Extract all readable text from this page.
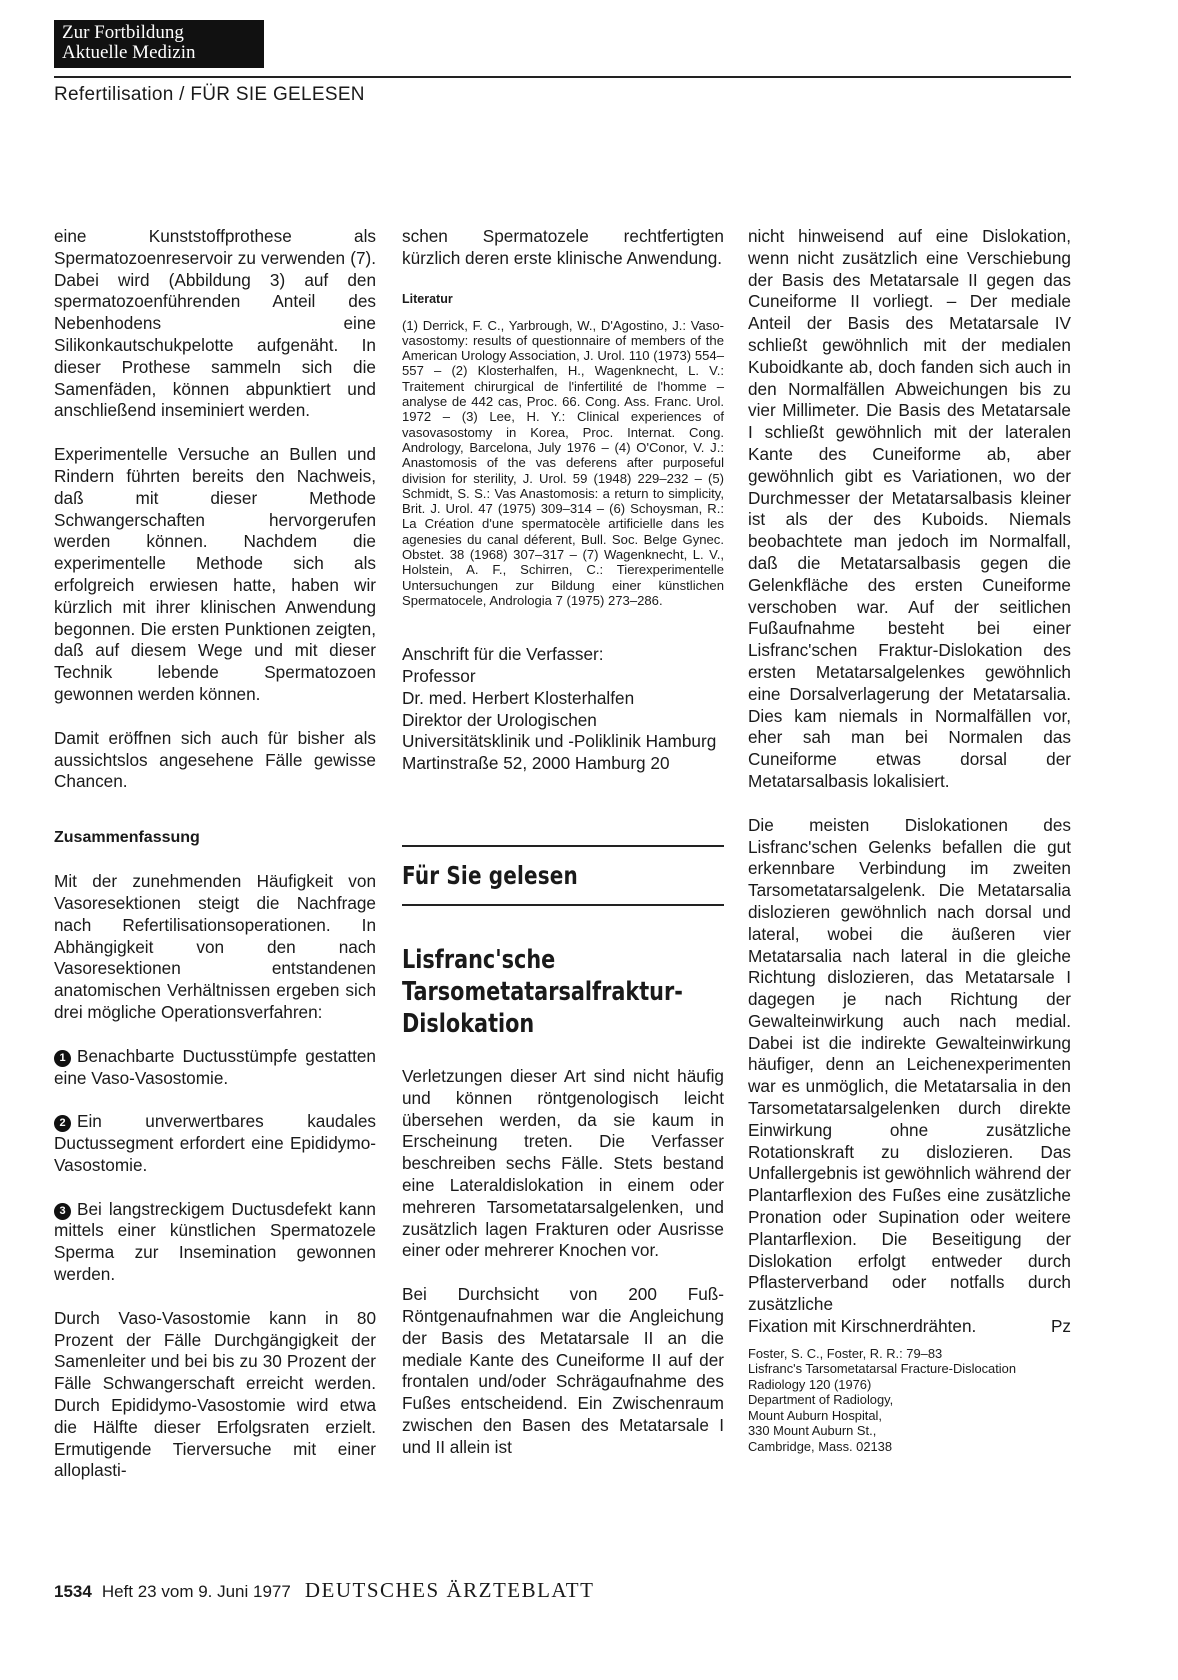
Zur Fortbildung
Aktuelle Medizin
Refertilisation / FÜR SIE GELESEN

eine Kunststoffprothese als Spermatozoenreservoir zu verwenden (7). Dabei wird (Abbildung 3) auf den spermatozoenführenden Anteil des Nebenhodens eine Silikonkautschukpelotte aufgenäht. In dieser Prothese sammeln sich die Samenfäden, können abpunktiert und anschließend inseminiert werden.

Experimentelle Versuche an Bullen und Rindern führten bereits den Nachweis, daß mit dieser Methode Schwangerschaften hervorgerufen werden können. Nachdem die experimentelle Methode sich als erfolgreich erwiesen hatte, haben wir kürzlich mit ihrer klinischen Anwendung begonnen. Die ersten Punktionen zeigten, daß auf diesem Wege und mit dieser Technik lebende Spermatozoen gewonnen werden können.

Damit eröffnen sich auch für bisher als aussichtslos angesehene Fälle gewisse Chancen.

Zusammenfassung

Mit der zunehmenden Häufigkeit von Vasoresektionen steigt die Nachfrage nach Refertilisationsoperationen. In Abhängigkeit von den nach Vasoresektionen entstandenen anatomischen Verhältnissen ergeben sich drei mögliche Operationsverfahren:

1 Benachbarte Ductusstümpfe gestatten eine Vaso-Vasostomie.

2 Ein unverwertbares kaudales Ductussegment erfordert eine Epididymo-Vasostomie.

3 Bei langstreckigem Ductusdefekt kann mittels einer künstlichen Spermatozele Sperma zur Insemination gewonnen werden.

Durch Vaso-Vasostomie kann in 80 Prozent der Fälle Durchgängigkeit der Samenleiter und bei bis zu 30 Prozent der Fälle Schwangerschaft erreicht werden. Durch Epididymo-Vasostomie wird etwa die Hälfte dieser Erfolgsraten erzielt. Ermutigende Tierversuche mit einer alloplasti-

schen Spermatozele rechtfertigten kürzlich deren erste klinische Anwendung.

Literatur

(1) Derrick, F. C., Yarbrough, W., D'Agostino, J.: Vaso-vasostomy: results of questionnaire of members of the American Urology Association, J. Urol. 110 (1973) 554–557 – (2) Klosterhalfen, H., Wagenknecht, L. V.: Traitement chirurgical de l'infertilité de l'homme – analyse de 442 cas, Proc. 66. Cong. Ass. Franc. Urol. 1972 – (3) Lee, H. Y.: Clinical experiences of vasovasostomy in Korea, Proc. Internat. Cong. Andrology, Barcelona, July 1976 – (4) O'Conor, V. J.: Anastomosis of the vas deferens after purposeful division for sterility, J. Urol. 59 (1948) 229–232 – (5) Schmidt, S. S.: Vas Anastomosis: a return to simplicity, Brit. J. Urol. 47 (1975) 309–314 – (6) Schoysman, R.: La Création d'une spermatocèle artificielle dans les agenesies du canal déferent, Bull. Soc. Belge Gynec. Obstet. 38 (1968) 307–317 – (7) Wagenknecht, L. V., Holstein, A. F., Schirren, C.: Tierexperimentelle Untersuchungen zur Bildung einer künstlichen Spermatocele, Andrologia 7 (1975) 273–286.

Anschrift für die Verfasser:
Professor
Dr. med. Herbert Klosterhalfen
Direktor der Urologischen Universitätsklinik und -Poliklinik Hamburg
Martinstraße 52, 2000 Hamburg 20

Für Sie gelesen
Lisfranc'sche
Tarsometatarsalfraktur-
Dislokation

Verletzungen dieser Art sind nicht häufig und können röntgenologisch leicht übersehen werden, da sie kaum in Erscheinung treten. Die Verfasser beschreiben sechs Fälle. Stets bestand eine Lateraldislokation in einem oder mehreren Tarsometatarsalgelenken, und zusätzlich lagen Frakturen oder Ausrisse einer oder mehrerer Knochen vor.

Bei Durchsicht von 200 Fuß-Röntgenaufnahmen war die Angleichung der Basis des Metatarsale II an die mediale Kante des Cuneiforme II auf der frontalen und/oder Schrägaufnahme des Fußes entscheidend. Ein Zwischenraum zwischen den Basen des Metatarsale I und II allein ist

nicht hinweisend auf eine Dislokation, wenn nicht zusätzlich eine Verschiebung der Basis des Metatarsale II gegen das Cuneiforme II vorliegt. – Der mediale Anteil der Basis des Metatarsale IV schließt gewöhnlich mit der medialen Kuboidkante ab, doch fanden sich auch in den Normalfällen Abweichungen bis zu vier Millimeter. Die Basis des Metatarsale I schließt gewöhnlich mit der lateralen Kante des Cuneiforme ab, aber gewöhnlich gibt es Variationen, wo der Durchmesser der Metatarsalbasis kleiner ist als der des Kuboids. Niemals beobachtete man jedoch im Normalfall, daß die Metatarsalbasis gegen die Gelenkfläche des ersten Cuneiforme verschoben war. Auf der seitlichen Fußaufnahme besteht bei einer Lisfranc'schen Fraktur-Dislokation des ersten Metatarsalgelenkes gewöhnlich eine Dorsalverlagerung der Metatarsalia. Dies kam niemals in Normalfällen vor, eher sah man bei Normalen das Cuneiforme etwas dorsal der Metatarsalbasis lokalisiert.

Die meisten Dislokationen des Lisfranc'schen Gelenks befallen die gut erkennbare Verbindung im zweiten Tarsometatarsalgelenk. Die Metatarsalia dislozieren gewöhnlich nach dorsal und lateral, wobei die äußeren vier Metatarsalia nach lateral in die gleiche Richtung dislozieren, das Metatarsale I dagegen je nach Richtung der Gewalteinwirkung auch nach medial. Dabei ist die indirekte Gewalteinwirkung häufiger, denn an Leichenexperimenten war es unmöglich, die Metatarsalia in den Tarsometatarsalgelenken durch direkte Einwirkung ohne zusätzliche Rotationskraft zu dislozieren. Das Unfallergebnis ist gewöhnlich während der Plantarflexion des Fußes eine zusätzliche Pronation oder Supination oder weitere Plantarflexion. Die Beseitigung der Dislokation erfolgt entweder durch Pflasterverband oder notfalls durch zusätzliche

Fixation mit Kirschnerdrähten.	Pz

Foster, S. C., Foster, R. R.: 79–83
Lisfranc's Tarsometatarsal Fracture-Dislocation
Radiology 120 (1976)
Department of Radiology,
Mount Auburn Hospital,
330 Mount Auburn St.,
Cambridge, Mass. 02138

1534 Heft 23 vom 9. Juni 1977 DEUTSCHES ÄRZTEBLATT
